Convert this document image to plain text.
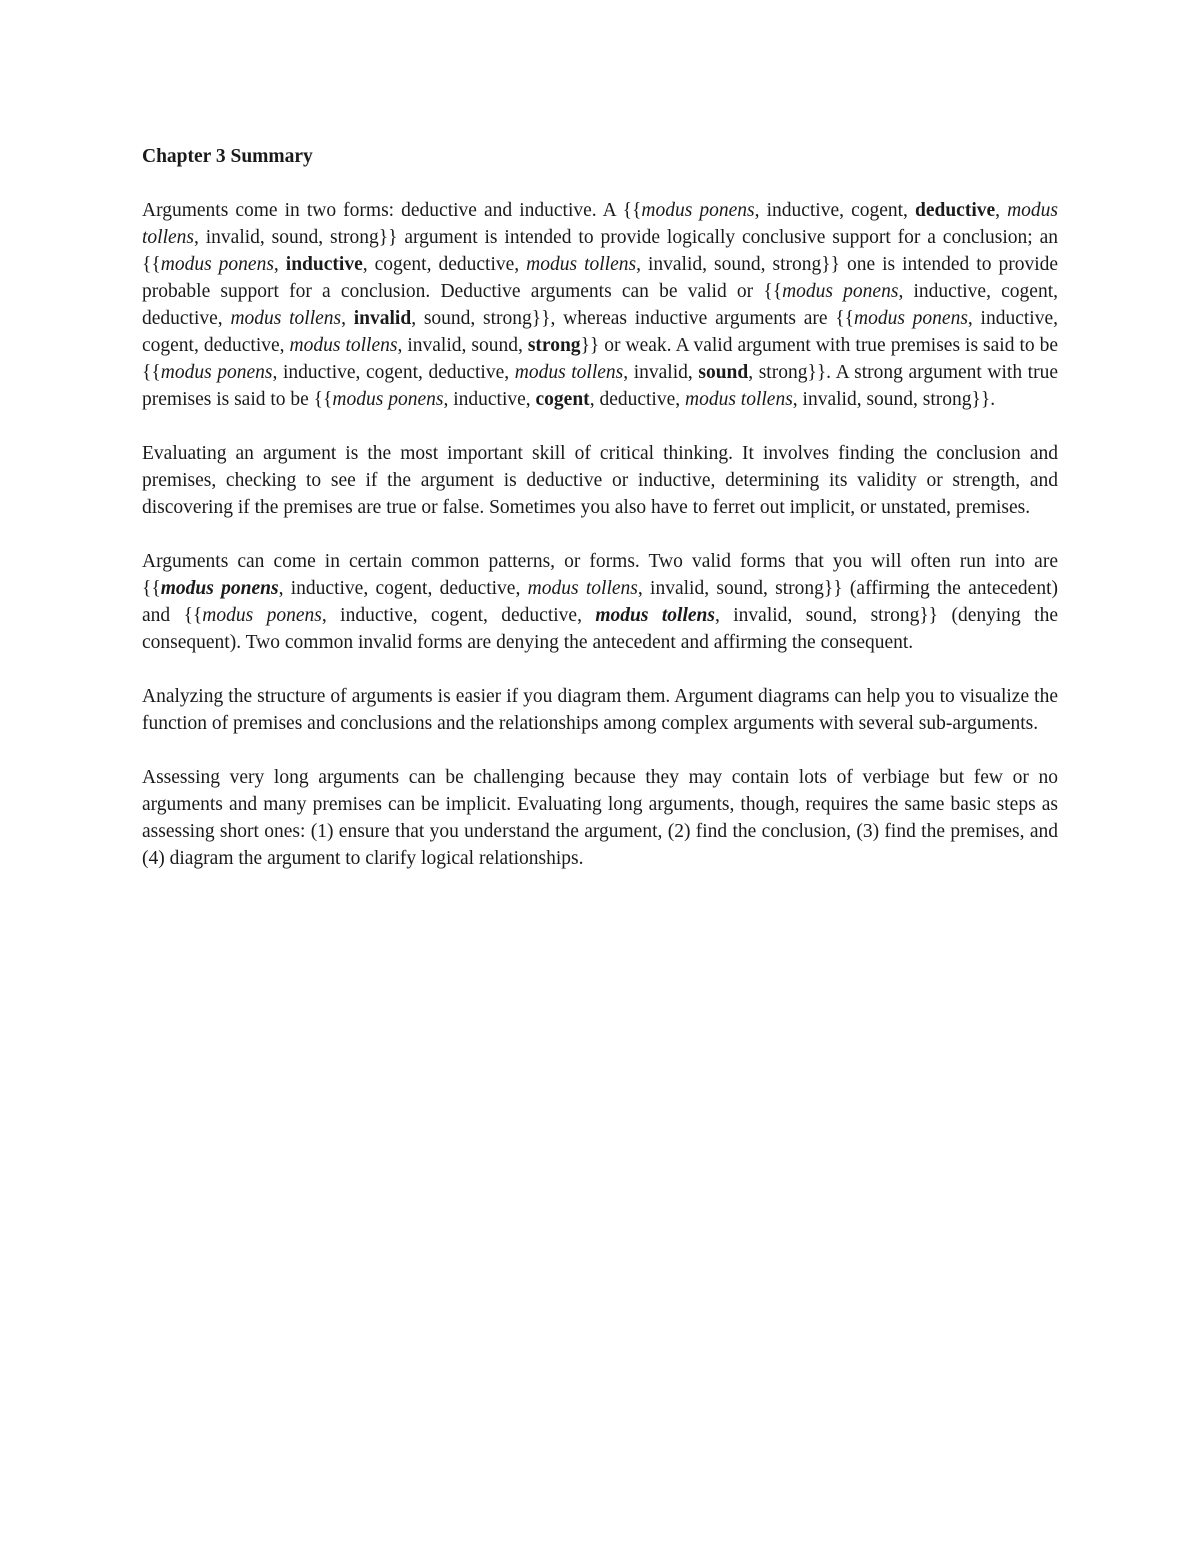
Chapter 3 Summary

Arguments come in two forms: deductive and inductive. A {{modus ponens, inductive, cogent, deductive, modus tollens, invalid, sound, strong}} argument is intended to provide logically conclusive support for a conclusion; an {{modus ponens, inductive, cogent, deductive, modus tollens, invalid, sound, strong}} one is intended to provide probable support for a conclusion. Deductive arguments can be valid or {{modus ponens, inductive, cogent, deductive, modus tollens, invalid, sound, strong}}, whereas inductive arguments are {{modus ponens, inductive, cogent, deductive, modus tollens, invalid, sound, strong}} or weak. A valid argument with true premises is said to be {{modus ponens, inductive, cogent, deductive, modus tollens, invalid, sound, strong}}. A strong argument with true premises is said to be {{modus ponens, inductive, cogent, deductive, modus tollens, invalid, sound, strong}}.

Evaluating an argument is the most important skill of critical thinking. It involves finding the conclusion and premises, checking to see if the argument is deductive or inductive, determining its validity or strength, and discovering if the premises are true or false. Sometimes you also have to ferret out implicit, or unstated, premises.

Arguments can come in certain common patterns, or forms. Two valid forms that you will often run into are {{modus ponens, inductive, cogent, deductive, modus tollens, invalid, sound, strong}} (affirming the antecedent) and {{modus ponens, inductive, cogent, deductive, modus tollens, invalid, sound, strong}} (denying the consequent). Two common invalid forms are denying the antecedent and affirming the consequent.

Analyzing the structure of arguments is easier if you diagram them. Argument diagrams can help you to visualize the function of premises and conclusions and the relationships among complex arguments with several sub-arguments.

Assessing very long arguments can be challenging because they may contain lots of verbiage but few or no arguments and many premises can be implicit. Evaluating long arguments, though, requires the same basic steps as assessing short ones: (1) ensure that you understand the argument, (2) find the conclusion, (3) find the premises, and (4) diagram the argument to clarify logical relationships.
